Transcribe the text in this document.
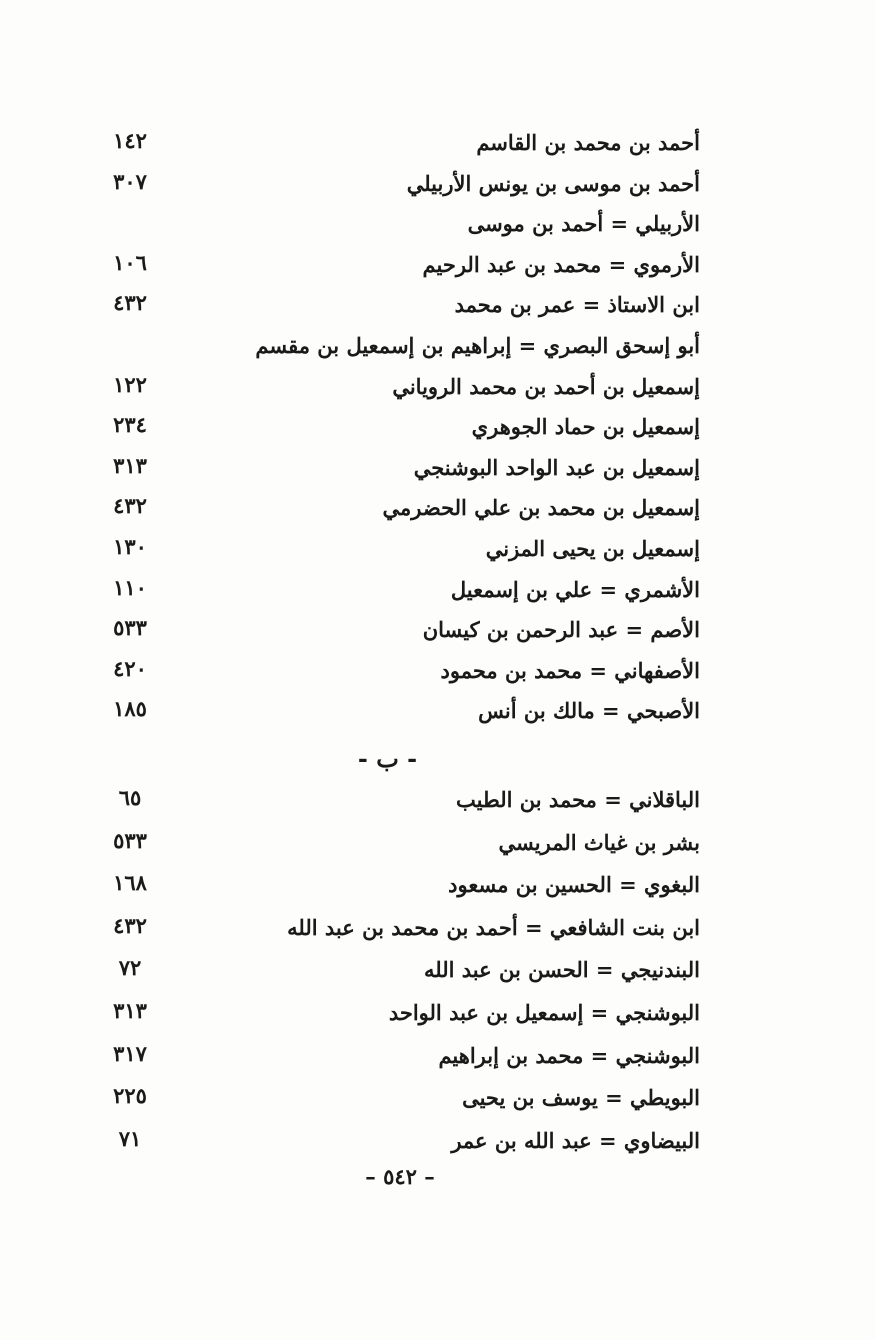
أحمد بن محمد بن القاسم
١٤٢
أحمد بن موسى بن يونس الأربيلي
٣٠٧
الأربيلي = أحمد بن موسى
الأرموي = محمد بن عبد الرحيم
١٠٦
ابن الاستاذ = عمر بن محمد
٤٣٢
أبو إسحق البصري = إبراهيم بن إسمعيل بن مقسم
إسمعيل بن أحمد بن محمد الروياني
١٢٢
إسمعيل بن حماد الجوهري
٢٣٤
إسمعيل بن عبد الواحد البوشنجي
٣١٣
إسمعيل بن محمد بن علي الحضرمي
٤٣٢
إسمعيل بن يحيى المزني
١٣٠
الأشمري = علي بن إسمعيل
١١٠
الأصم = عبد الرحمن بن كيسان
٥٣٣
الأصفهاني = محمد بن محمود
٤٢٠
الأصبحي = مالك بن أنس
١٨٥
- ب -
الباقلاني = محمد بن الطيب
٦٥
بشر بن غياث المريسي
٥٣٣
البغوي = الحسين بن مسعود
١٦٨
ابن بنت الشافعي = أحمد بن محمد بن عبد الله
٤٣٢
البندنيجي = الحسن بن عبد الله
٧٢
البوشنجي = إسمعيل بن عبد الواحد
٣١٣
البوشنجي = محمد بن إبراهيم
٣١٧
البويطي = يوسف بن يحيى
٢٢٥
البيضاوي = عبد الله بن عمر
٧١
– ٥٤٢ –
